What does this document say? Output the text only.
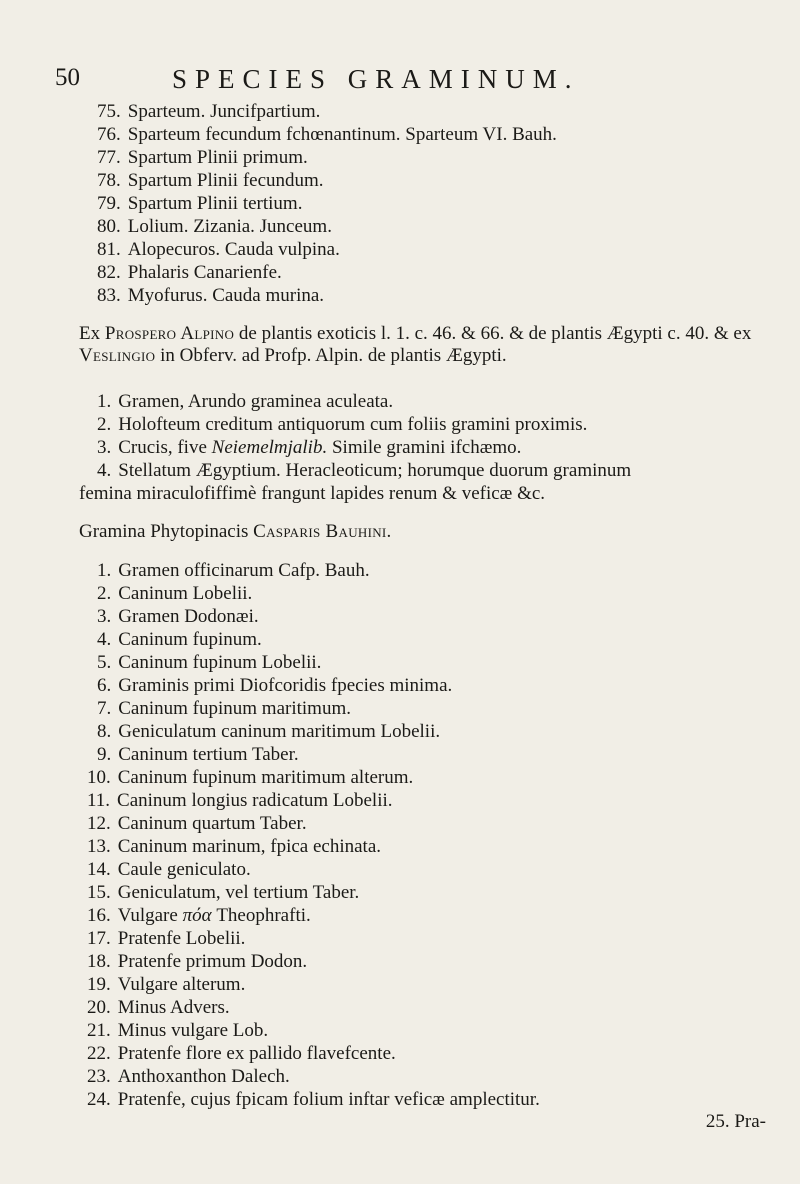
50	SPECIES GRAMINUM.
75. Sparteum. Juncifpartium.
76. Sparteum fecundum fchœnantinum. Sparteum VI. Bauh.
77. Spartum Plinii primum.
78. Spartum Plinii fecundum.
79. Spartum Plinii tertium.
80. Lolium. Zizania. Junceum.
81. Alopecuros. Cauda vulpina.
82. Phalaris Canarienfe.
83. Myofurus. Cauda murina.
Ex Prospero Alpino de plantis exoticis l. 1. c. 46. & 66. & de plantis Ægypti c. 40. & ex Veslingio in Obferv. ad Profp. Alpin. de plantis Ægypti.
1. Gramen, Arundo graminea aculeata.
2. Holofteum creditum antiquorum cum foliis gramini proximis.
3. Crucis, five Neiemelmjalib. Simile gramini ifchæmo.
4. Stellatum Ægyptium. Heracleoticum; horumque duorum graminum
femina miraculofiffimè frangunt lapides renum & veficæ &c.
Gramina Phytopinacis Casparis Bauhini.
1. Gramen officinarum Cafp. Bauh.
2. Caninum Lobelii.
3. Gramen Dodonæi.
4. Caninum fupinum.
5. Caninum fupinum Lobelii.
6. Graminis primi Diofcoridis fpecies minima.
7. Caninum fupinum maritimum.
8. Geniculatum caninum maritimum Lobelii.
9. Caninum tertium Taber.
10. Caninum fupinum maritimum alterum.
11. Caninum longius radicatum Lobelii.
12. Caninum quartum Taber.
13. Caninum marinum, fpica echinata.
14. Caule geniculato.
15. Geniculatum, vel tertium Taber.
16. Vulgare πόα Theophrafti.
17. Pratenfe Lobelii.
18. Pratenfe primum Dodon.
19. Vulgare alterum.
20. Minus Advers.
21. Minus vulgare Lob.
22. Pratenfe flore ex pallido flavefcente.
23. Anthoxanthon Dalech.
24. Pratenfe, cujus fpicam folium inftar veficæ amplectitur.
25. Pra-
